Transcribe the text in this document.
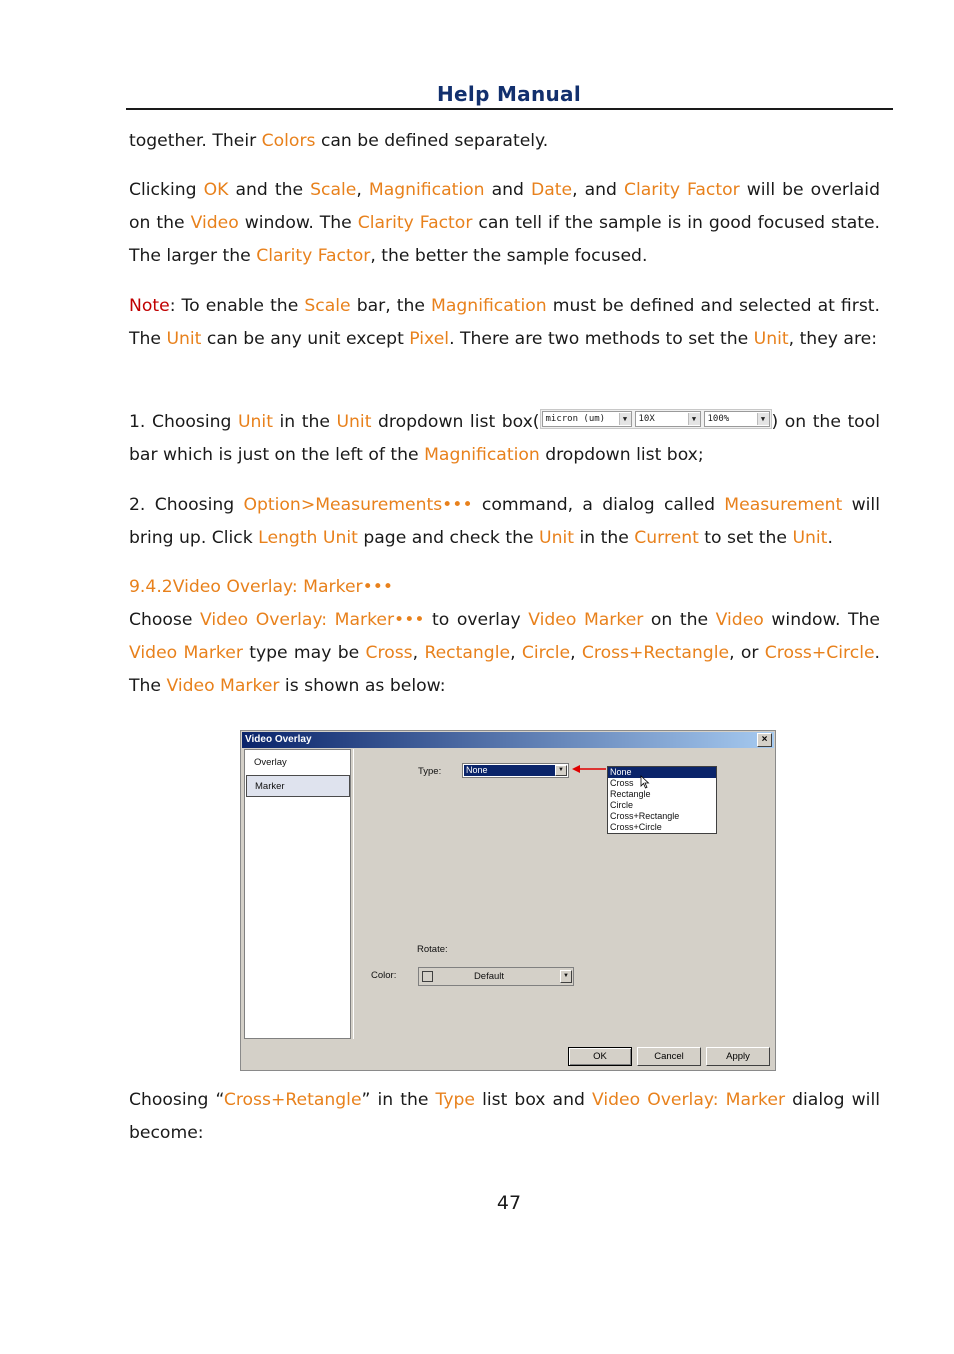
Help Manual

together. Their Colors can be defined separately.

Clicking OK and the Scale, Magnification and Date, and Clarity Factor will be overlaid on the Video window. The Clarity Factor can tell if the sample is in good focused state. The larger the Clarity Factor, the better the sample focused.

Note: To enable the Scale bar, the Magnification must be defined and selected at first. The Unit can be any unit except Pixel. There are two methods to set the Unit, they are:

1. Choosing Unit in the Unit dropdown list box( micron (um)	▼	10X	▼	100%	▼ ) on the tool bar which is just on the left of the Magnification dropdown list box;

2. Choosing Option>Measurements••• command, a dialog called Measurement will bring up. Click Length Unit page and check the Unit in the Current to set the Unit.

9.4.2Video Overlay: Marker•••

Choose Video Overlay: Marker••• to overlay Video Marker on the Video window. The Video Marker type may be Cross, Rectangle, Circle, Cross+Rectangle, or Cross+Circle. The Video Marker is shown as below:

Video Overlay	×
Overlay
Marker
Type:	None	▼	None
Cross
Rectangle
Circle
Cross+Rectangle
Cross+Circle
Rotate:
Color:	Default	▼
OK	Cancel	Apply

Choosing “Cross+Retangle” in the Type list box and Video Overlay: Marker dialog will become:

47
